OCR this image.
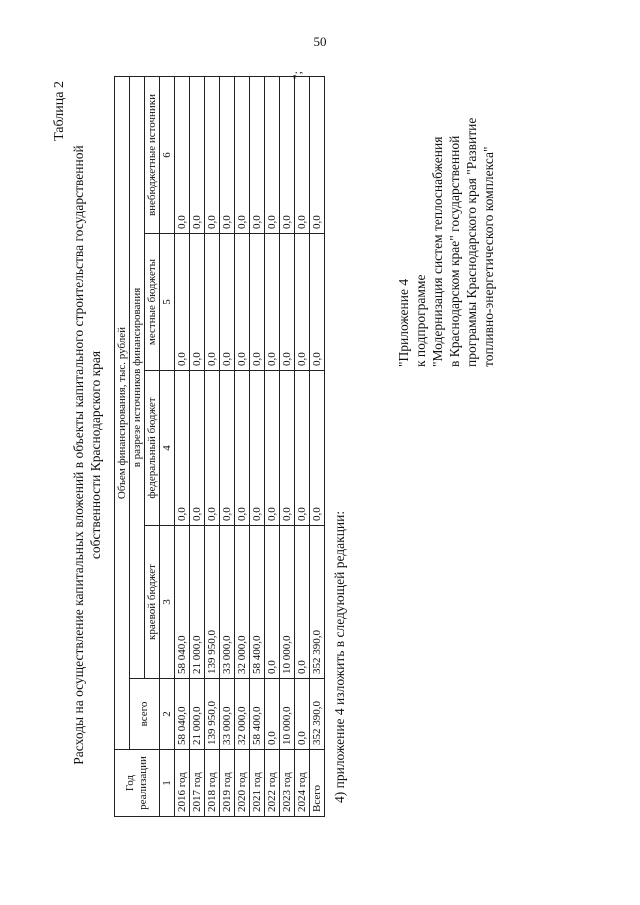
50
Таблица 2
Расходы на осуществление капитальных вложений в объекты капитального строительства государственной собственности Краснодарского края
Год
реализации	Объем финансирования, тыс. рублей				
	всего	в разрезе источников финансирования			
		краевой бюджет	федеральный бюджет	местные бюджеты	внебюджетные источники
1	2	3	4	5	6
2016 год	58 040,0	58 040,0	0,0	0,0	0,0
2017 год	21 000,0	21 000,0	0,0	0,0	0,0
2018 год	139 950,0	139 950,0	0,0	0,0	0,0
2019 год	33 000,0	33 000,0	0,0	0,0	0,0
2020 год	32 000,0	32 000,0	0,0	0,0	0,0
2021 год	58 400,0	58 400,0	0,0	0,0	0,0
2022 год	0,0	0,0	0,0	0,0	0,0
2023 год	10 000,0	10 000,0	0,0	0,0	0,0
2024 год	0,0	0,0	0,0	0,0	0,0
Всего	352 390,0	352 390,0	0,0	0,0	0,0
";
4) приложение 4 изложить в следующей редакции:
"Приложение 4 к подпрограмме "Модернизация систем теплоснабжения в Краснодарском крае" государственной программы Краснодарского края "Развитие топливно-энергетического комплекса"
